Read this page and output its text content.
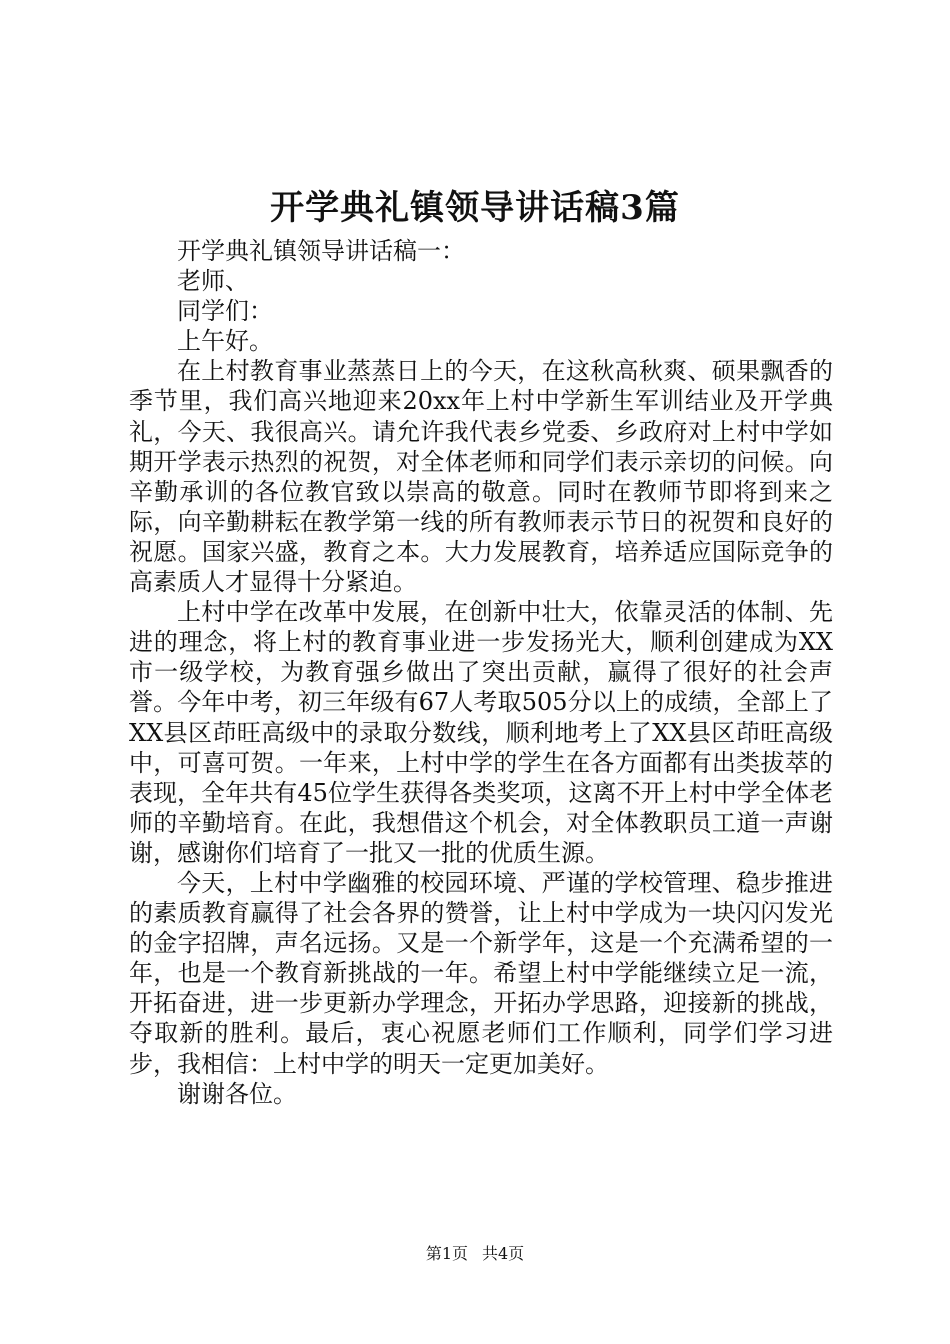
开学典礼镇领导讲话稿3篇

开学典礼镇领导讲话稿一：

老师、

同学们：

上午好。

在上村教育事业蒸蒸日上的今天，在这秋高秋爽、硕果飘香的季节里，我们高兴地迎来20xx年上村中学新生军训结业及开学典礼，今天、我很高兴。请允许我代表乡党委、乡政府对上村中学如期开学表示热烈的祝贺，对全体老师和同学们表示亲切的问候。向辛勤承训的各位教官致以崇高的敬意。同时在教师节即将到来之际，向辛勤耕耘在教学第一线的所有教师表示节日的祝贺和良好的祝愿。国家兴盛，教育之本。大力发展教育，培养适应国际竞争的高素质人才显得十分紧迫。

上村中学在改革中发展，在创新中壮大，依靠灵活的体制、先进的理念，将上村的教育事业进一步发扬光大，顺利创建成为XX市一级学校，为教育强乡做出了突出贡献，赢得了很好的社会声誉。今年中考，初三年级有67人考取505分以上的成绩，全部上了XX县区茚旺高级中的录取分数线，顺利地考上了XX县区茚旺高级中，可喜可贺。一年来，上村中学的学生在各方面都有出类拔萃的表现，全年共有45位学生获得各类奖项，这离不开上村中学全体老师的辛勤培育。在此，我想借这个机会，对全体教职员工道一声谢谢，感谢你们培育了一批又一批的优质生源。

今天，上村中学幽雅的校园环境、严谨的学校管理、稳步推进的素质教育赢得了社会各界的赞誉，让上村中学成为一块闪闪发光的金字招牌，声名远扬。又是一个新学年，这是一个充满希望的一年，也是一个教育新挑战的一年。希望上村中学能继续立足一流，开拓奋进，进一步更新办学理念，开拓办学思路，迎接新的挑战，夺取新的胜利。最后，衷心祝愿老师们工作顺利，同学们学习进步，我相信：上村中学的明天一定更加美好。

谢谢各位。

第1页 共4页
